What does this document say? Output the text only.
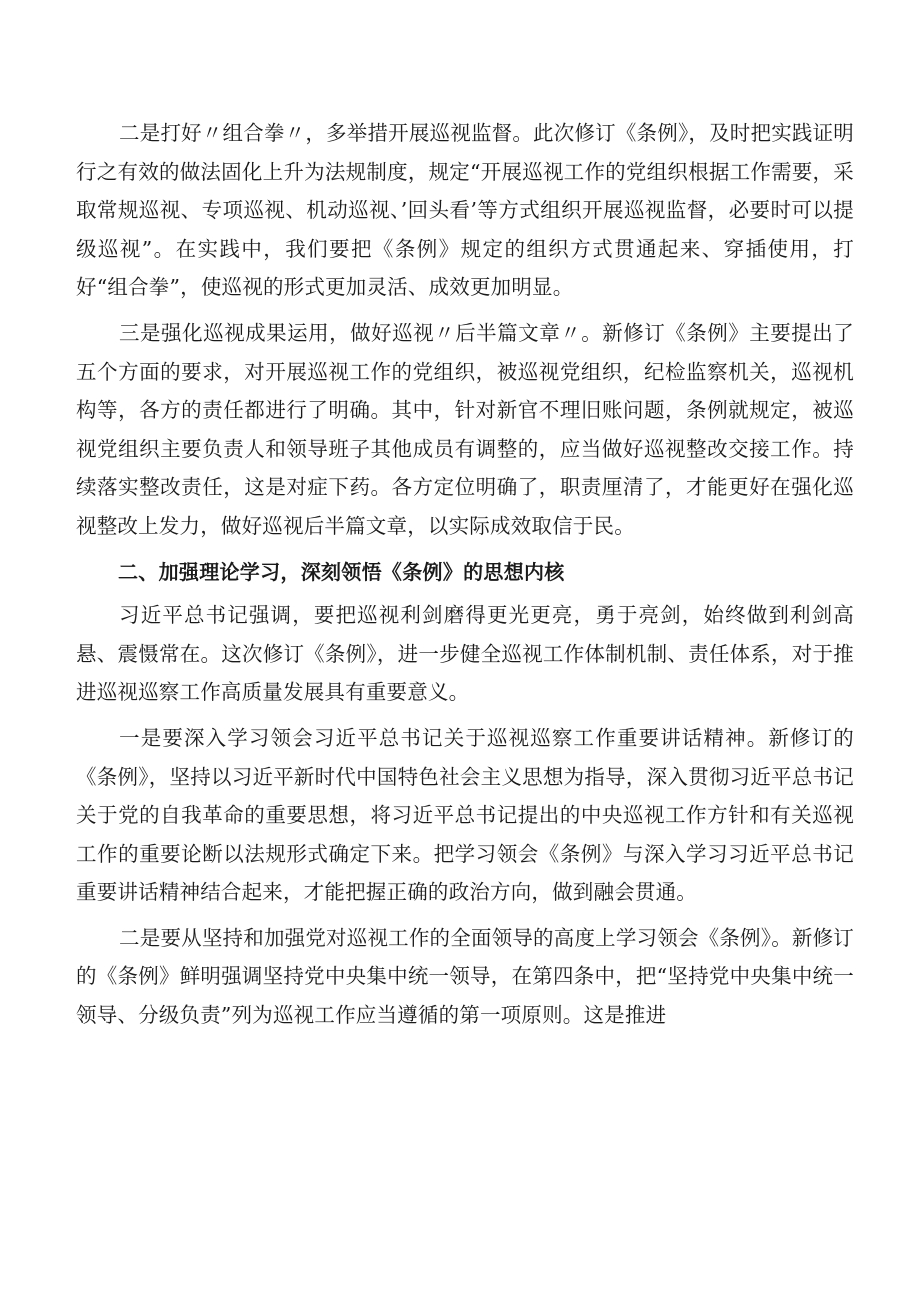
二是打好〃组合拳〃，多举措开展巡视监督。此次修订《条例》，及时把实践证明行之有效的做法固化上升为法规制度，规定“开展巡视工作的党组织根据工作需要，采取常规巡视、专项巡视、机动巡视、’回头看’等方式组织开展巡视监督，必要时可以提级巡视”。在实践中，我们要把《条例》规定的组织方式贯通起来、穿插使用，打好“组合拳”，使巡视的形式更加灵活、成效更加明显。

三是强化巡视成果运用，做好巡视〃后半篇文章〃。新修订《条例》主要提出了五个方面的要求，对开展巡视工作的党组织，被巡视党组织，纪检监察机关，巡视机构等，各方的责任都进行了明确。其中，针对新官不理旧账问题，条例就规定，被巡视党组织主要负责人和领导班子其他成员有调整的，应当做好巡视整改交接工作。持续落实整改责任，这是对症下药。各方定位明确了，职责厘清了，才能更好在强化巡视整改上发力，做好巡视后半篇文章，以实际成效取信于民。

二、加强理论学习，深刻领悟《条例》的思想内核

习近平总书记强调，要把巡视利剑磨得更光更亮，勇于亮剑，始终做到利剑高悬、震慑常在。这次修订《条例》，进一步健全巡视工作体制机制、责任体系，对于推进巡视巡察工作高质量发展具有重要意义。

一是要深入学习领会习近平总书记关于巡视巡察工作重要讲话精神。新修订的《条例》，坚持以习近平新时代中国特色社会主义思想为指导，深入贯彻习近平总书记关于党的自我革命的重要思想，将习近平总书记提出的中央巡视工作方针和有关巡视工作的重要论断以法规形式确定下来。把学习领会《条例》与深入学习习近平总书记重要讲话精神结合起来，才能把握正确的政治方向，做到融会贯通。

二是要从坚持和加强党对巡视工作的全面领导的高度上学习领会《条例》。新修订的《条例》鲜明强调坚持党中央集中统一领导，在第四条中，把“坚持党中央集中统一领导、分级负责”列为巡视工作应当遵循的第一项原则。这是推进
